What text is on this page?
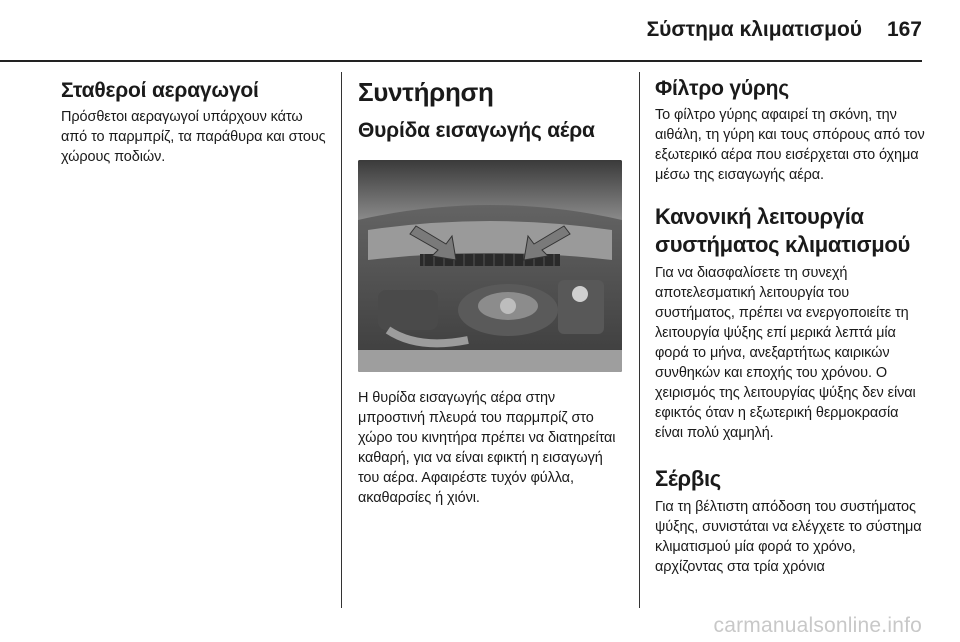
Σύστημα κλιματισμού 167
Σταθεροί αεραγωγοί

Πρόσθετοι αεραγωγοί υπάρχουν κάτω από το παρμπρίζ, τα παράθυρα και στους χώρους ποδιών.

Συντήρηση
Θυρίδα εισαγωγής αέρα

Η θυρίδα εισαγωγής αέρα στην μπροστινή πλευρά του παρμπρίζ στο χώρο του κινητήρα πρέπει να διατηρείται καθαρή, για να είναι εφικτή η εισαγωγή του αέρα. Αφαιρέστε τυχόν φύλλα, ακαθαρσίες ή χιόνι.

Φίλτρο γύρης

Το φίλτρο γύρης αφαιρεί τη σκόνη, την αιθάλη, τη γύρη και τους σπόρους από τον εξωτερικό αέρα που εισέρχεται στο όχημα μέσω της εισαγωγής αέρα.

Κανονική λειτουργία συστήματος κλιματισμού

Για να διασφαλίσετε τη συνεχή αποτελεσματική λειτουργία του συστήματος, πρέπει να ενεργοποιείτε τη λειτουργία ψύξης επί μερικά λεπτά μία φορά το μήνα, ανεξαρτήτως καιρικών συνθηκών και εποχής του χρόνου. Ο χειρισμός της λειτουργίας ψύξης δεν είναι εφικτός όταν η εξωτερική θερμοκρασία είναι πολύ χαμηλή.

Σέρβις

Για τη βέλτιστη απόδοση του συστήματος ψύξης, συνιστάται να ελέγχετε το σύστημα κλιματισμού μία φορά το χρόνο, αρχίζοντας στα τρία χρόνια

carmanualsonline.info
